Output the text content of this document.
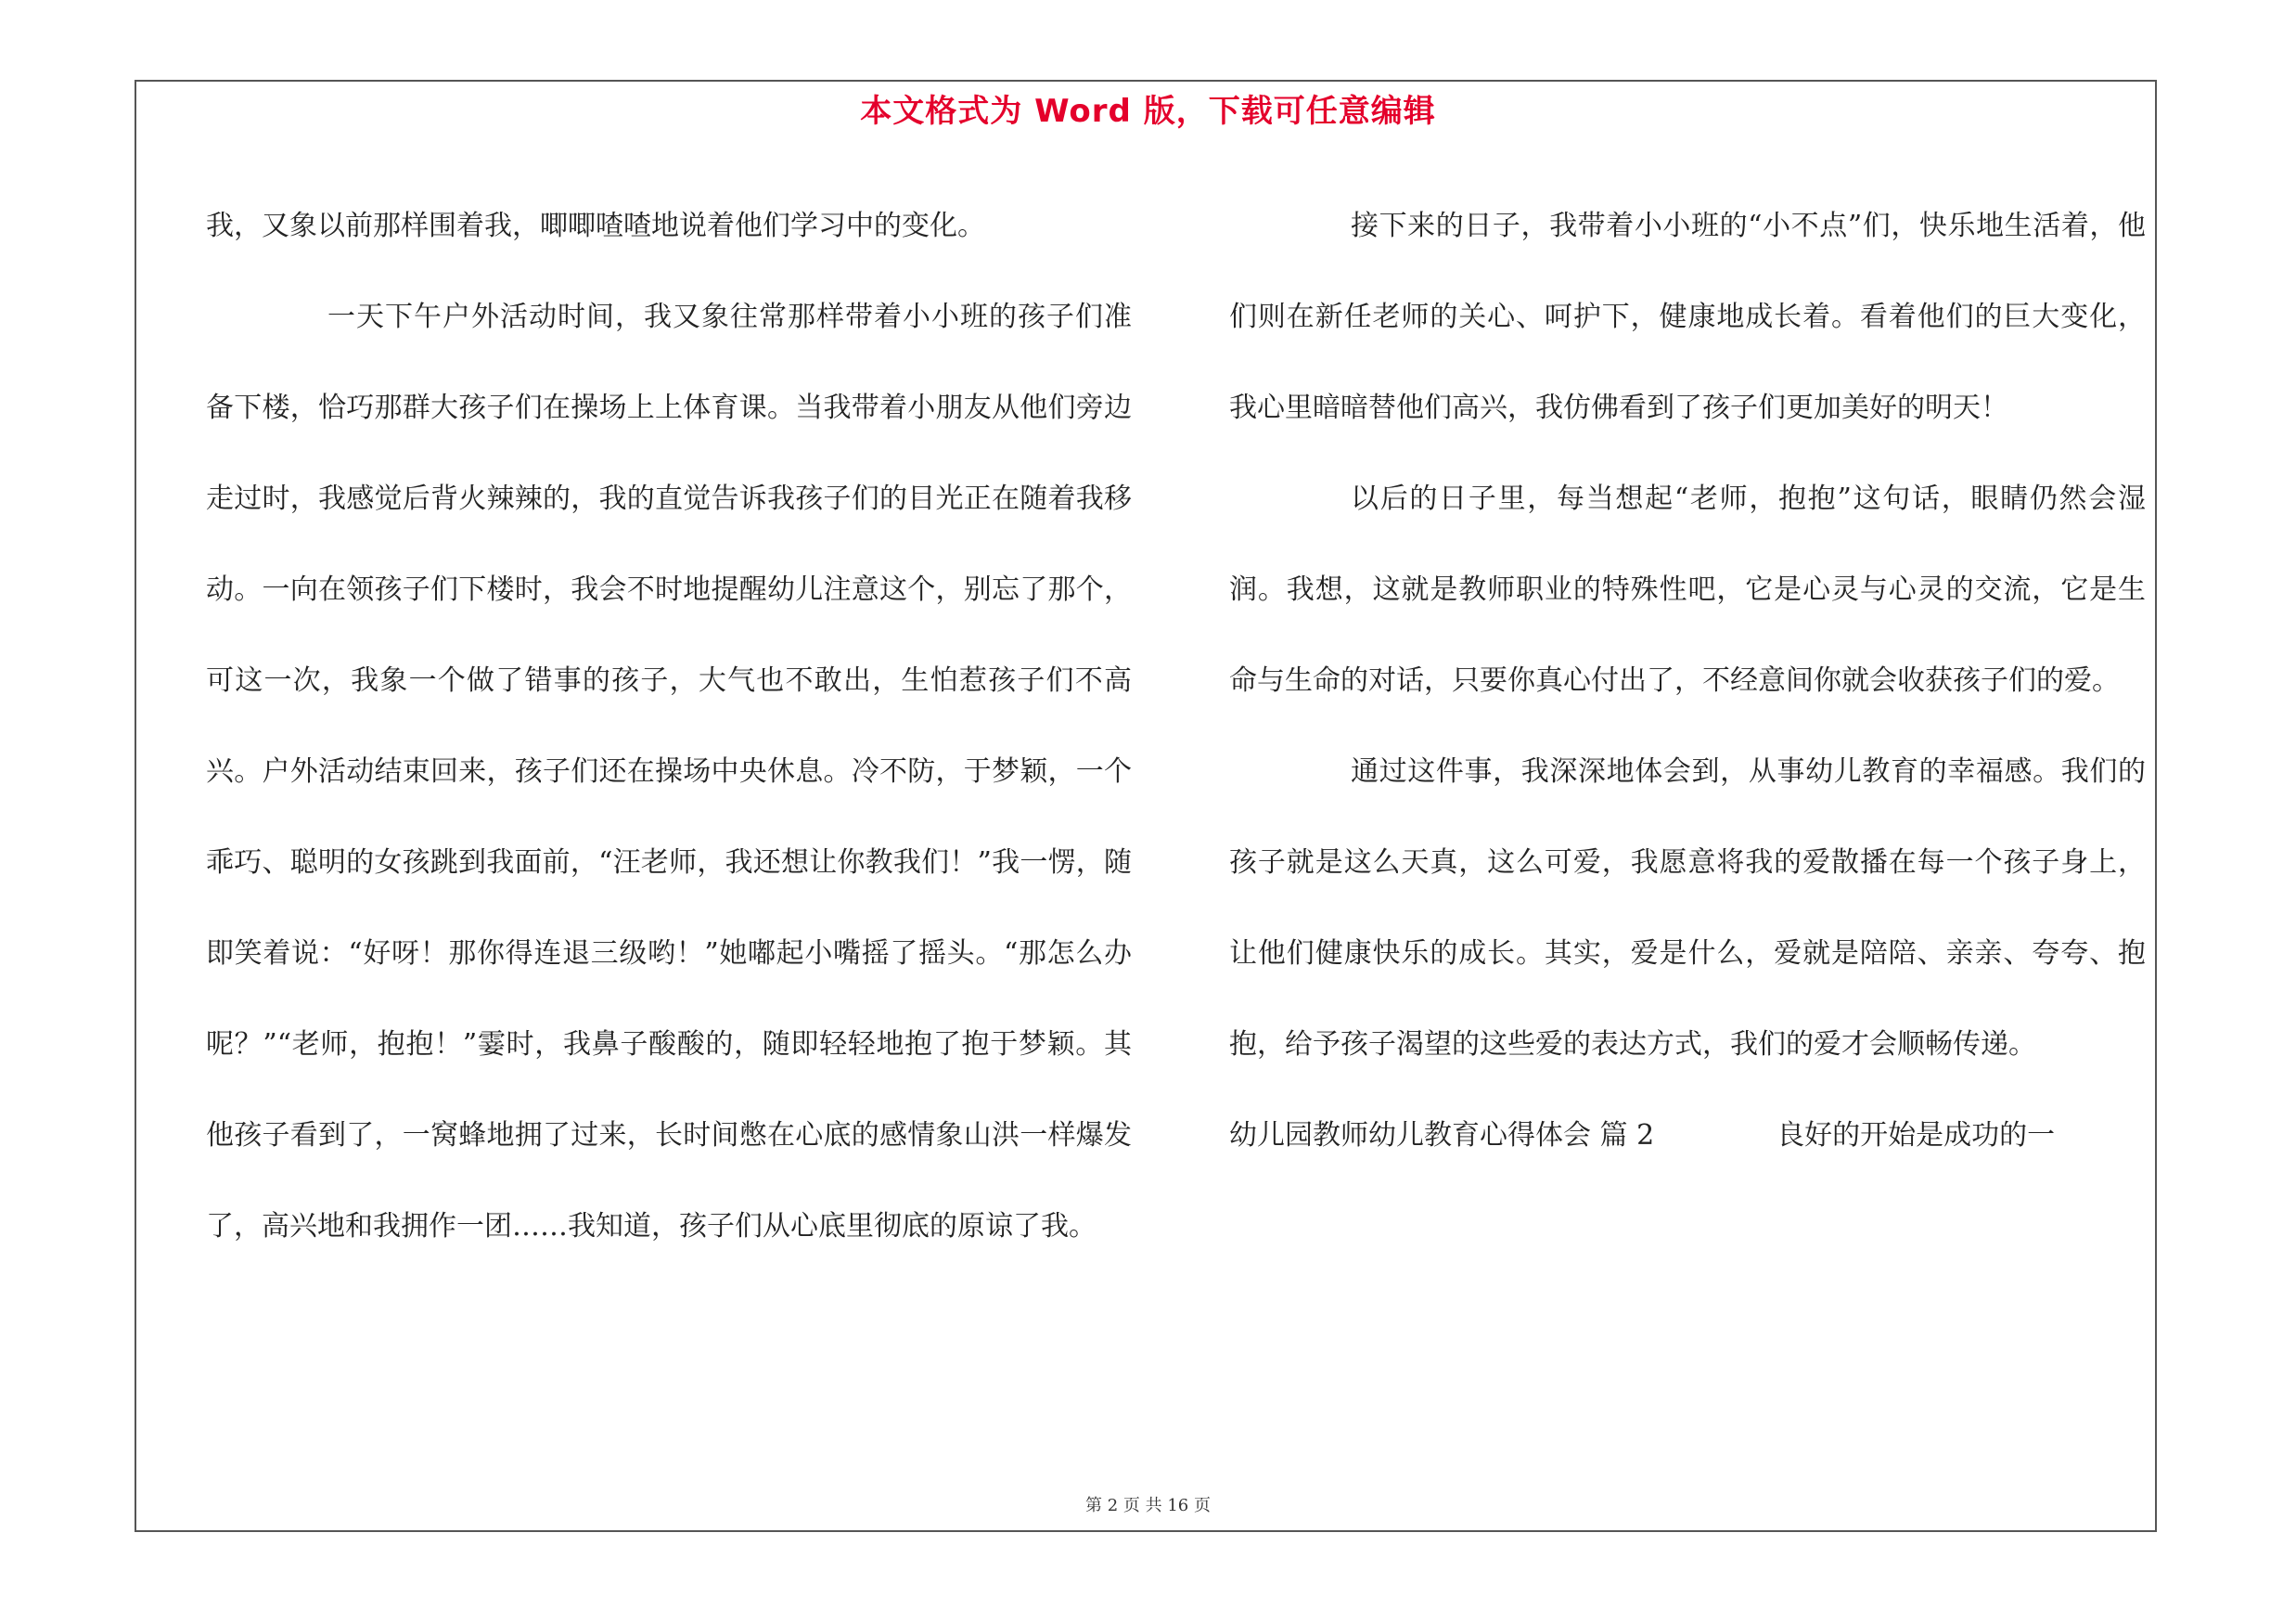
本文格式为 Word 版，下载可任意编辑

我，又象以前那样围着我，唧唧喳喳地说着他们学习中的变化。

一天下午户外活动时间，我又象往常那样带着小小班的孩子们准备下楼，恰巧那群大孩子们在操场上上体育课。当我带着小朋友从他们旁边走过时，我感觉后背火辣辣的，我的直觉告诉我孩子们的目光正在随着我移动。一向在领孩子们下楼时，我会不时地提醒幼儿注意这个，别忘了那个，可这一次，我象一个做了错事的孩子，大气也不敢出，生怕惹孩子们不高兴。户外活动结束回来，孩子们还在操场中央休息。冷不防，于梦颖，一个乖巧、聪明的女孩跳到我面前，“汪老师，我还想让你教我们！”我一愣，随即笑着说：“好呀！那你得连退三级哟！”她嘟起小嘴摇了摇头。“那怎么办呢？”“老师，抱抱！”霎时，我鼻子酸酸的，随即轻轻地抱了抱于梦颖。其他孩子看到了，一窝蜂地拥了过来，长时间憋在心底的感情象山洪一样爆发了，高兴地和我拥作一团……我知道，孩子们从心底里彻底的原谅了我。

接下来的日子，我带着小小班的“小不点”们，快乐地生活着，他们则在新任老师的关心、呵护下，健康地成长着。看着他们的巨大变化，我心里暗暗替他们高兴，我仿佛看到了孩子们更加美好的明天！

以后的日子里，每当想起“老师，抱抱”这句话，眼睛仍然会湿润。我想，这就是教师职业的特殊性吧，它是心灵与心灵的交流，它是生命与生命的对话，只要你真心付出了，不经意间你就会收获孩子们的爱。

通过这件事，我深深地体会到，从事幼儿教育的幸福感。我们的孩子就是这么天真，这么可爱，我愿意将我的爱散播在每一个孩子身上，让他们健康快乐的成长。其实，爱是什么，爱就是陪陪、亲亲、夸夸、抱抱，给予孩子渴望的这些爱的表达方式，我们的爱才会顺畅传递。

幼儿园教师幼儿教育心得体会 篇 2	良好的开始是成功的一

第 2 页 共 16 页
